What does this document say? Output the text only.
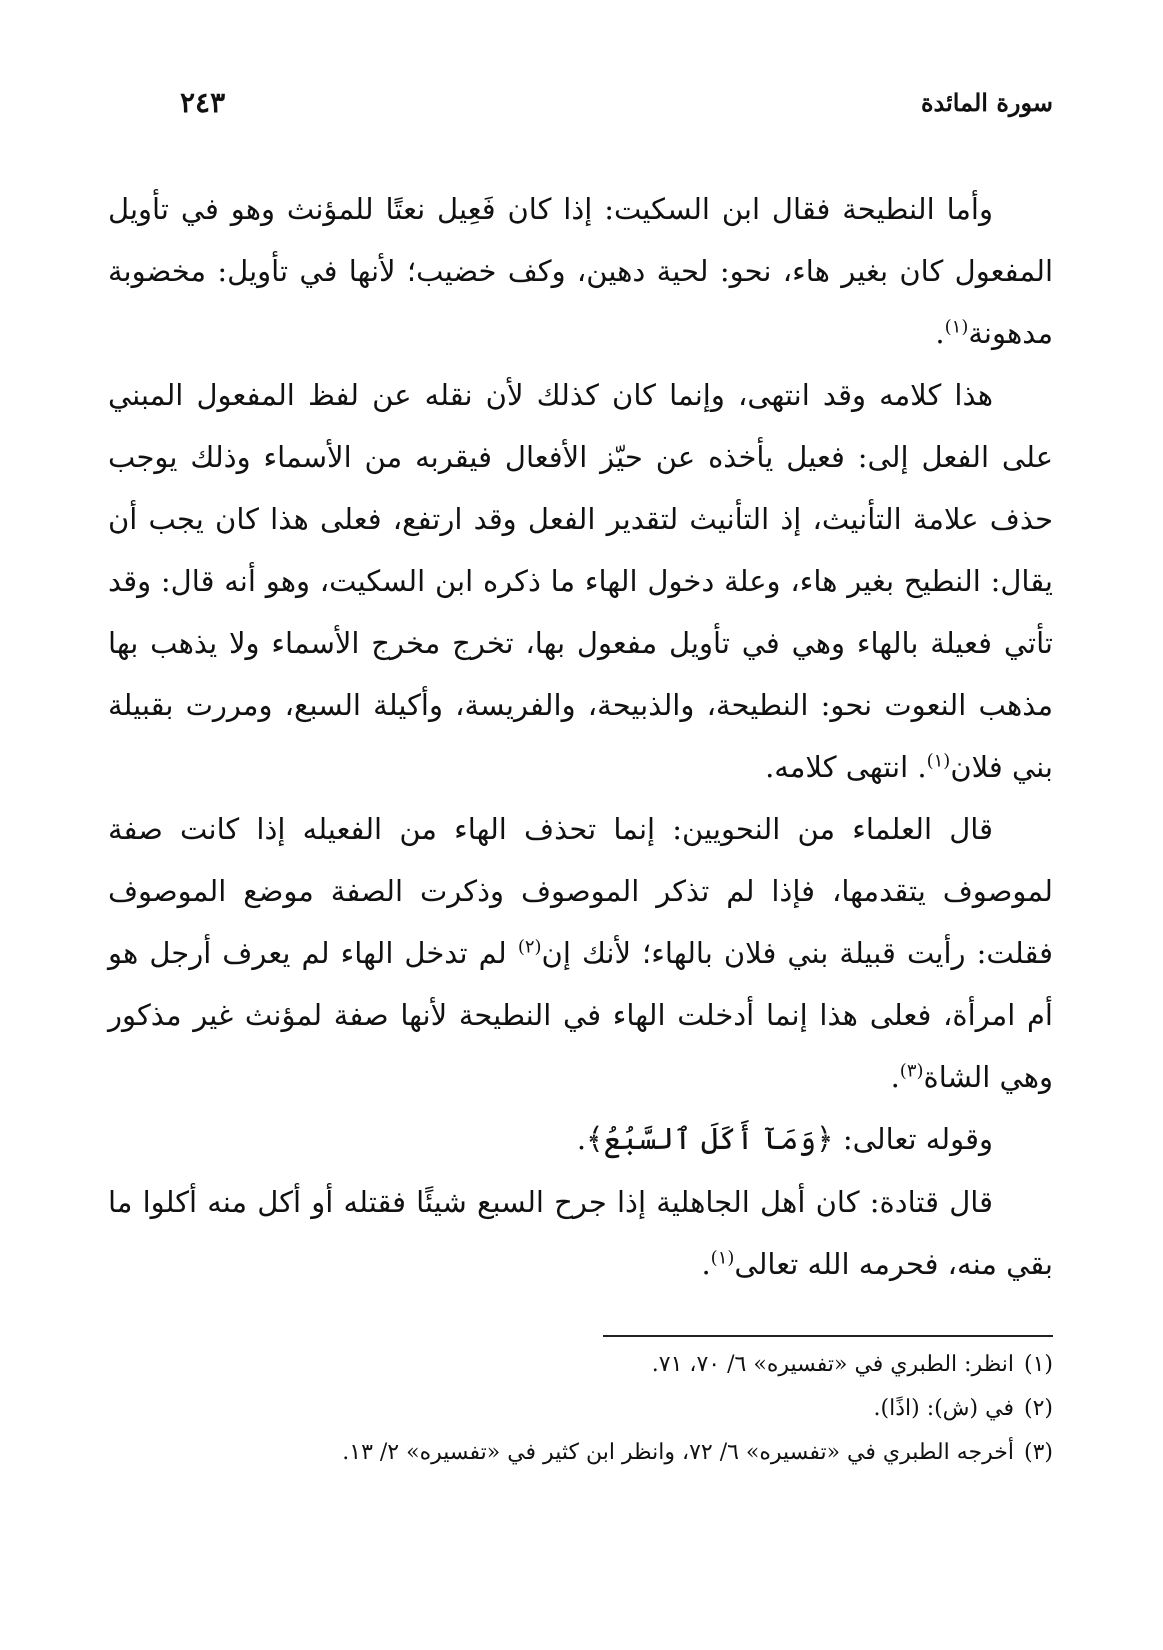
سورة المائدة
٢٤٣

وأما النطيحة فقال ابن السكيت: إذا كان فَعِيل نعتًا للمؤنث وهو في تأويل المفعول كان بغير هاء، نحو: لحية دهين، وكف خضيب؛ لأنها في تأويل: مخضوبة مدهونة$^{(١)}$.

هذا كلامه وقد انتهى، وإنما كان كذلك لأن نقله عن لفظ المفعول المبني على الفعل إلى: فعيل يأخذه عن حيّز الأفعال فيقربه من الأسماء وذلك يوجب حذف علامة التأنيث، إذ التأنيث لتقدير الفعل وقد ارتفع، فعلى هذا كان يجب أن يقال: النطيح بغير هاء، وعلة دخول الهاء ما ذكره ابن السكيت، وهو أنه قال: وقد تأتي فعيلة بالهاء وهي في تأويل مفعول بها، تخرج مخرج الأسماء ولا يذهب بها مذهب النعوت نحو: النطيحة، والذبيحة، والفريسة، وأكيلة السبع، ومررت بقبيلة بني فلان$^{(١)}$. انتهى كلامه.

قال العلماء من النحويين: إنما تحذف الهاء من الفعيله إذا كانت صفة لموصوف يتقدمها، فإذا لم تذكر الموصوف وذكرت الصفة موضع الموصوف فقلت: رأيت قبيلة بني فلان بالهاء؛ لأنك إن$^{(٢)}$ لم تدخل الهاء لم يعرف أرجل هو أم امرأة، فعلى هذا إنما أدخلت الهاء في النطيحة لأنها صفة لمؤنث غير مذكور وهي الشاة$^{(٣)}$.

وقوله تعالى: ﴿وَمَآ أَكَلَ ٱلسَّبُعُ﴾.

قال قتادة: كان أهل الجاهلية إذا جرح السبع شيئًا فقتله أو أكل منه أكلوا ما بقي منه، فحرمه الله تعالى$^{(١)}$.

(١)انظر: الطبري في «تفسيره» ٦/ ٧٠، ٧١.
(٢)في (ش): (اذًا).
(٣)أخرجه الطبري في «تفسيره» ٦/ ٧٢، وانظر ابن كثير في «تفسيره» ٢/ ١٣.
